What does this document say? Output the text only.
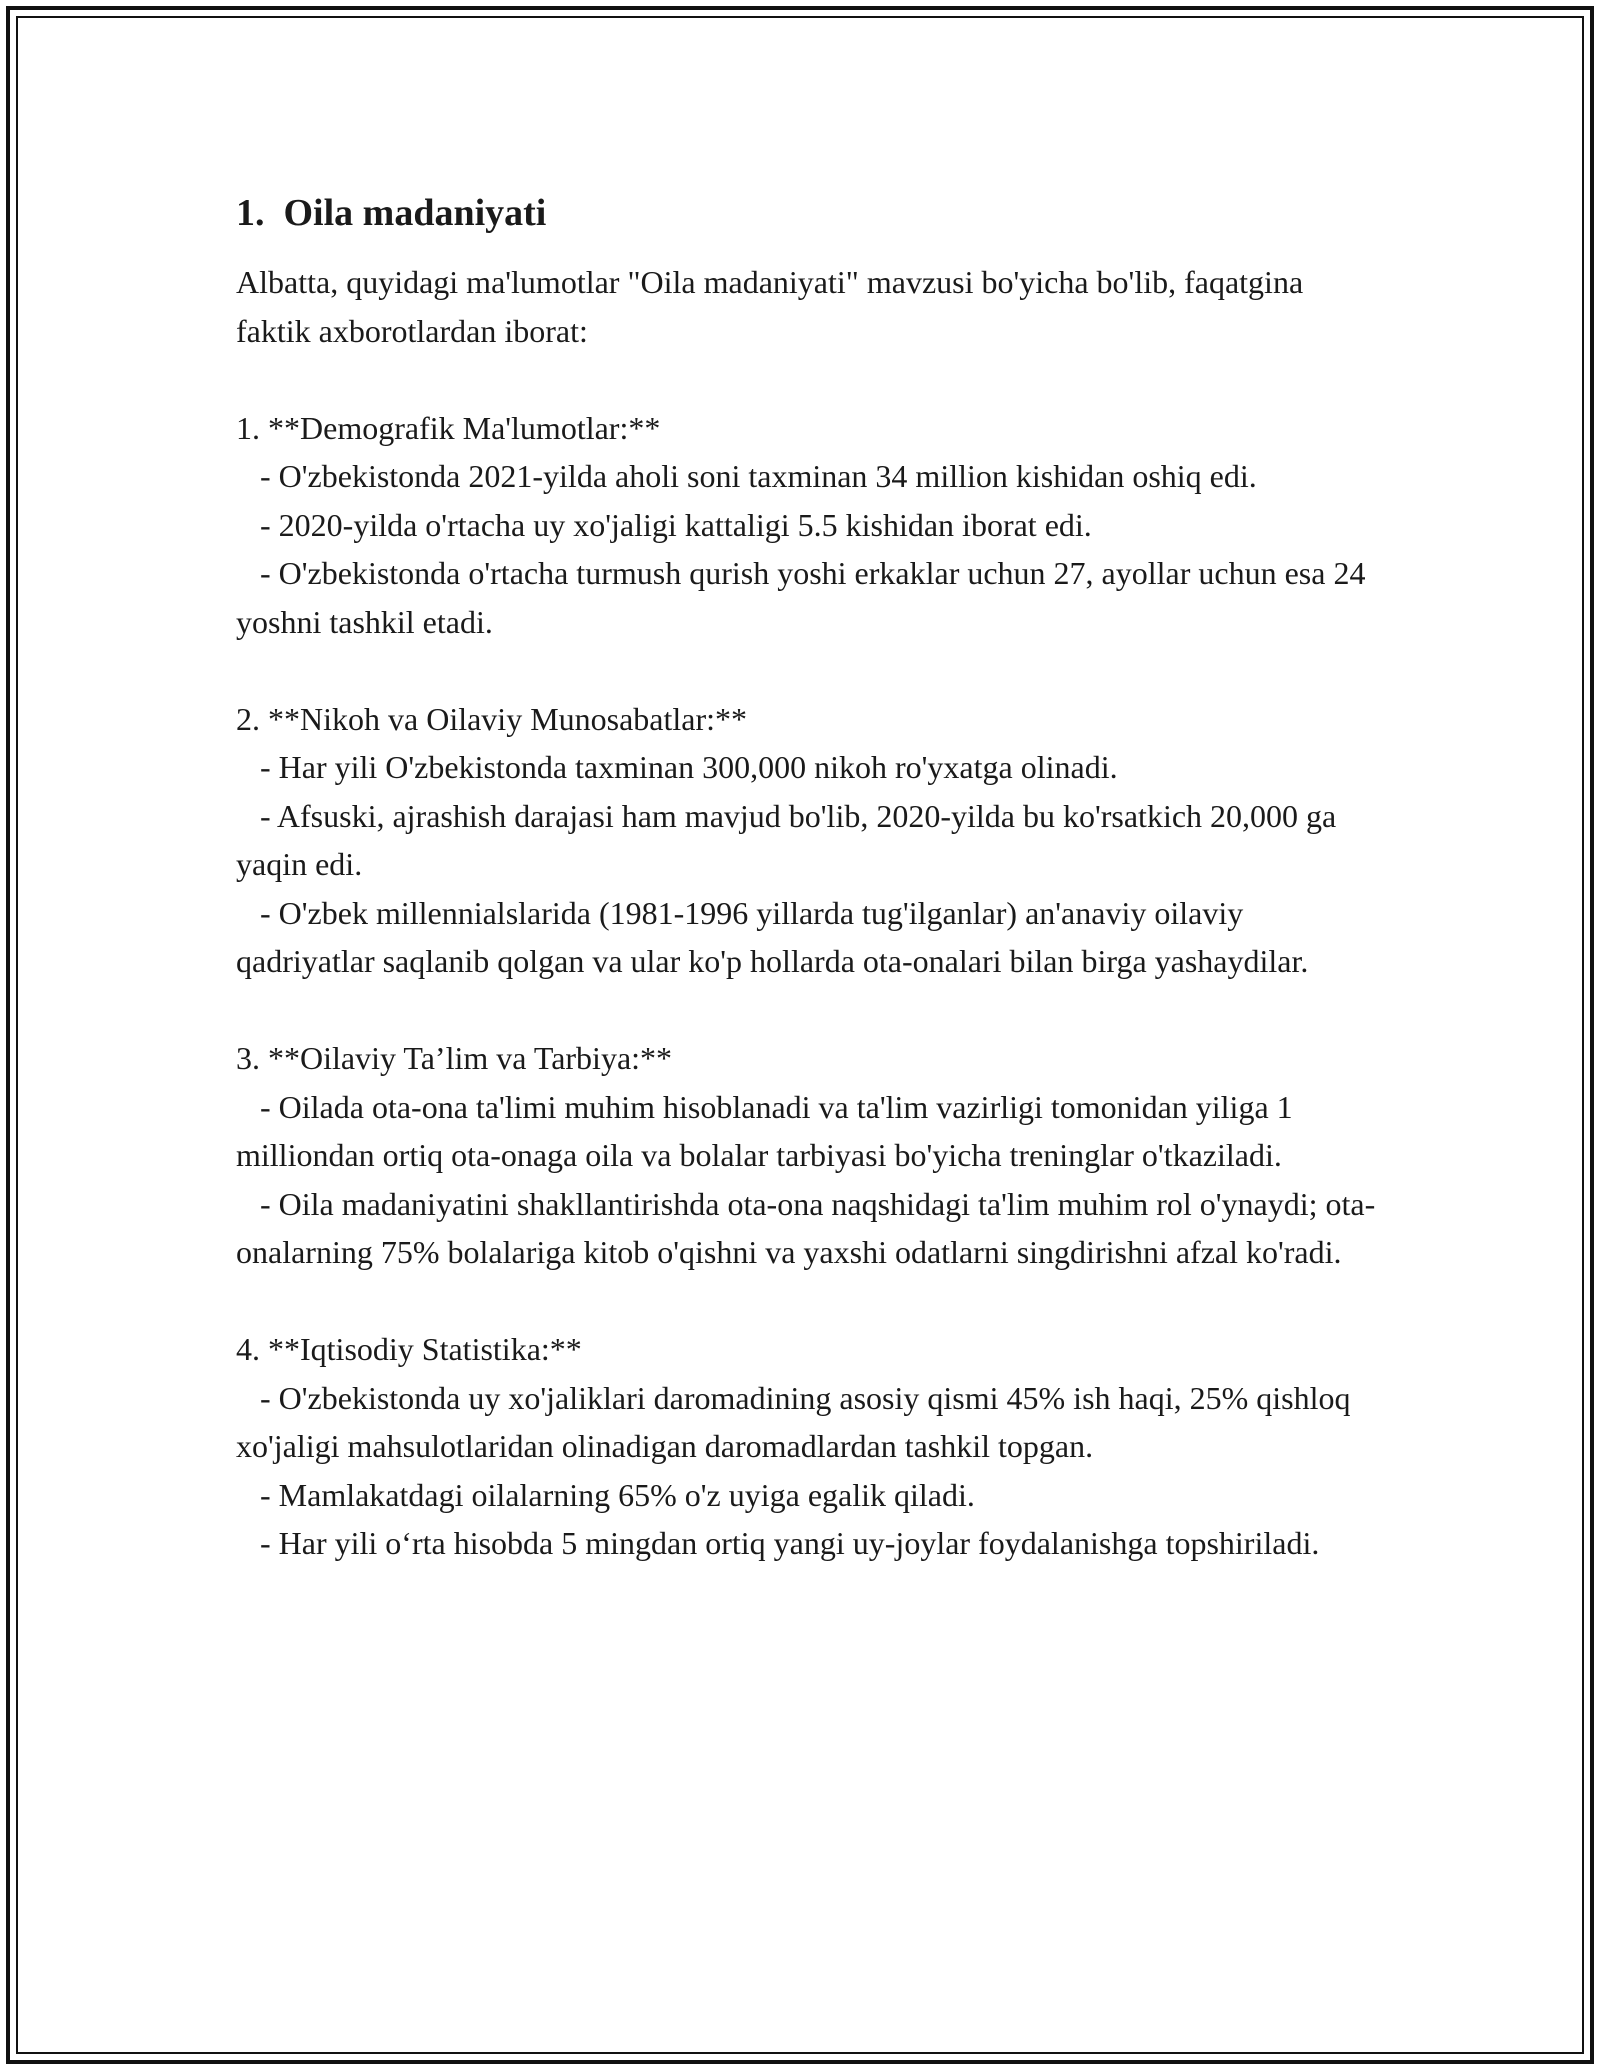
1.  Oila madaniyati
Albatta, quyidagi ma'lumotlar "Oila madaniyati" mavzusi bo'yicha bo'lib, faqatgina faktik axborotlardan iborat:
1. **Demografik Ma'lumotlar:**
- O'zbekistonda 2021-yilda aholi soni taxminan 34 million kishidan oshiq edi.
- 2020-yilda o'rtacha uy xo'jaligi kattaligi 5.5 kishidan iborat edi.
- O'zbekistonda o'rtacha turmush qurish yoshi erkaklar uchun 27, ayollar uchun esa 24 yoshni tashkil etadi.
2. **Nikoh va Oilaviy Munosabatlar:**
- Har yili O'zbekistonda taxminan 300,000 nikoh ro'yxatga olinadi.
- Afsuski, ajrashish darajasi ham mavjud bo'lib, 2020-yilda bu ko'rsatkich 20,000 ga yaqin edi.
- O'zbek millennialslarida (1981-1996 yillarda tug'ilganlar) an'anaviy oilaviy qadriyatlar saqlanib qolgan va ular ko'p hollarda ota-onalari bilan birga yashaydilar.
3. **Oilaviy Ta’lim va Tarbiya:**
- Oilada ota-ona ta'limi muhim hisoblanadi va ta'lim vazirligi tomonidan yiliga 1 milliondan ortiq ota-onaga oila va bolalar tarbiyasi bo'yicha treninglar o'tkaziladi.
- Oila madaniyatini shakllantirishda ota-ona naqshidagi ta'lim muhim rol o'ynaydi; ota-onalarning 75% bolalariga kitob o'qishni va yaxshi odatlarni singdirishni afzal ko'radi.
4. **Iqtisodiy Statistika:**
- O'zbekistonda uy xo'jaliklari daromadining asosiy qismi 45% ish haqi, 25% qishloq xo'jaligi mahsulotlaridan olinadigan daromadlardan tashkil topgan.
- Mamlakatdagi oilalarning 65% o'z uyiga egalik qiladi.
- Har yili o‘rta hisobda 5 mingdan ortiq yangi uy-joylar foydalanishga topshiriladi.
